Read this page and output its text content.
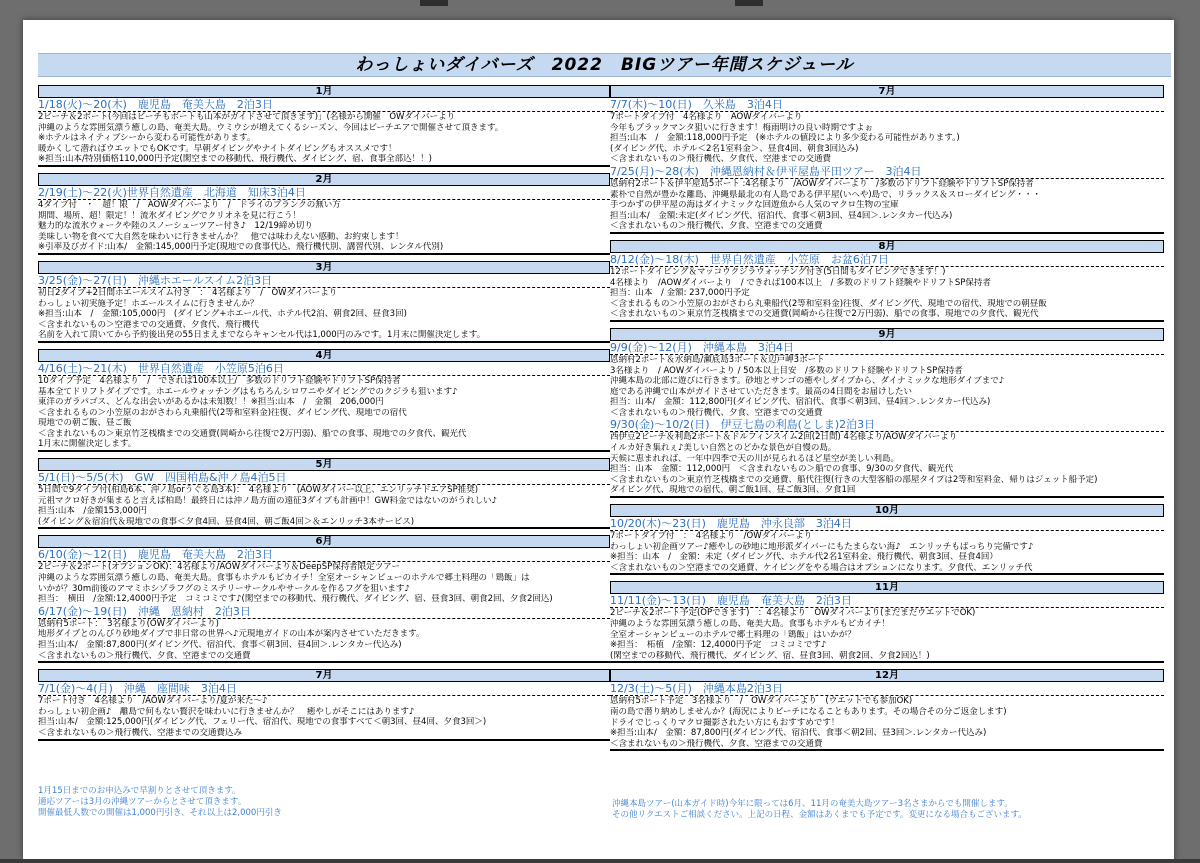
わっしょいダイバーズ　2022　BIGツアー年間スケジュール
1月
1/18(火)～20(木)　鹿児島　奄美大島　2泊3日
2ビーチ＆2ボート(今回はビーチもボートも山本がガイドさせて頂きます)」(名様から開催　OWダイバーより
沖縄のような雰囲気漂う癒しの島、奄美大島。ウミウシが増えてくるシーズン、今回はビーチエアで開催させて頂きます。
※ホテルはネイティブシーから変わる可能性があります。
暖かくして潜ればウエットでもOKです。早朝ダイビングやナイトダイビングもオススメです！
※担当:山本/特別価格110,000円予定(閑空までの移動代、飛行機代、ダイビング、宿、食事全部込！！)
2月
2/19(土)～22(火)世界自然遺産　北海道　知床3泊4日
4ダイブ付　・　超！限　/　AOWダイバーより　/　ドライのブランクの無い方
期間、場所、超！限定！！流氷ダイビングでクリオネを見に行こう！
魅力的な流氷ウォークや陸のスノーシューツアー付き♪　12/19締め切り
美味しい物を食べて大自然を味わいに行きませんか？　他では味わえない感動、お約束します！
※引率及びガイド:山本/　金額:145,000円予定(現地での食事代込、飛行機代別、講習代別、レンタル代別)
3月
3/25(金)～27(日)　沖縄ホエールスイム2泊3日
初日2ダイブ+2日間ホエールスイム付き　：　4名様より　/　OWダイバーより
わっしょい初実施予定！ホエールスイムに行きませんか？
※担当:山本　/　金額:105,000円　(ダイビング+ホエール代、ホテル代2泊、朝食2回、昼食3回)
＜含まれないもの＞空港までの交通費、夕食代、飛行機代
名前を入れて頂いてから予約後出発の55日まえまでならキャンセル代は1,000円のみです。1月末に開催決定します。
4月
4/16(土)～21(木)　世界自然遺産　小笠原5泊6日
10ダイブ予定　4名様より　/　できれば100本以上/　多数のドリフト経験やドリフトSP保持者
基本全てドリフトダイブです。ホエールウォッチングはもちろんシロワニやダイビングでのクジラも狙います♪
東洋のガラパゴス、どんな出会いがあるかは未知数！！※担当:山本　/　金額　206,000円
＜含まれるもの＞小笠原のおがさわら丸乗船代(2等和室料金)往復、ダイビング代、現地での宿代
現地での朝ご飯、昼ご飯
＜含まれないもの＞東京竹芝桟橋までの交通費(岡崎から往復で2万円弱)、船での食事、現地での夕食代、観光代
1月末に開催決定します。
5月
5/1(日)～5/5(木)　GW　四国柏島&沖ノ島4泊5日
5日間で9ダイブ付(柏島6本、沖ノ島orうぐる島3本)：　4名様より　(AOWダイバー以上、エンリッチドエアSP推奨)
元祖マクロ好きが集まると言えば柏島！最終日には沖ノ島方面の遠征3ダイブも計画中！GW料金ではないのがうれしい♪
担当:山本　/金額153,000円
(ダイビング＆宿泊代＆現地での食事＜夕食4回、昼食4回、朝ご飯4回＞＆エンリッチ3本サービス)
6月
6/10(金)～12(日)　鹿児島　奄美大島　2泊3日
2ビーチ＆2ボート(オプションOK)：4名様より/AOWダイバーより＆DeepSP保持者限定ツアー
沖縄のような雰囲気漂う癒しの島、奄美大島。食事もホテルもピカイチ！全室オーシャンビューのホテルで郷土料理の「鶏飯」は
いかが？30m前後のアマミホシゾラフグのミステリーサークルやサークルを作るフグを狙います♪
担当：　横田　/金額:12,4000円予定　コミコミです♪(閑空までの移動代、飛行機代、ダイビング、宿、昼食3回、朝食2回、夕食2回込)
6/17(金)～19(日)　沖縄　恩納村　2泊3日
恩納村5ボート：　3名様より(OWダイバーより)
地形ダイブとのんびり砂地ダイブで非日常の世界へ♪元現地ガイドの山本が案内させていただきます。
担当:山本/　金額:87,800円(ダイビング代、宿泊代、食事＜朝3回、昼4回＞.レンタカー代込み)
＜含まれないもの＞飛行機代、夕食、空港までの交通費
7月
7/1(金)～4(月)　沖縄　座間味　3泊4日
7ボート付き　4名様より　/AOWダイバーより/夏が来た～♪
わっしょい初企画♪　離島で何もない贅沢を味わいに行きませんか？　癒やしがそこにはあります♪
担当:山本/　金額:125,000円(ダイビング代、フェリー代、宿泊代、現地での食事すべて＜朝3回、昼4回、夕食3回＞)
＜含まれないもの＞飛行機代、空港までの交通費込み
7月
7/7(木)～10(日)　久米島　3泊4日
7ボートダイブ付　4名様より　AOWダイバーより
今年もブラックマンタ狙いに行きます！梅雨明けの良い時期ですよぉ
担当:山本　/　金額:118,000円予定　(※ホテルの値段により多少変わる可能性があります。)
(ダイビング代、ホテル＜2名1室料金＞、昼食4回、朝食3回込み)
＜含まれないもの＞飛行機代、夕食代、空港までの交通費
7/25(月)～28(木)　沖縄恩納村＆伊平屋島平田ツアー　3泊4日
恩納村2ボート＆伊平屋島5ボート :4名様より　/AOWダイバーより　/多数のドリフト経験やドリフトSP保持者
素朴で自然が豊かな離島、沖縄県最北の有人島である伊平屋(いへや)島で、リラックス＆スローダイビング・・・
手つかずの伊平屋の海はダイナミックな回遊魚から人気のマクロ生物の宝庫
担当:山本/　金額:未定(ダイビング代、宿泊代、食事＜朝3回、昼4回＞.レンタカー代込み)
＜含まれないもの＞飛行機代、夕食、空港までの交通費
8月
8/12(金)～18(木)　世界自然遺産　小笠原　お盆6泊7日
12ボートダイビング＆マッコウクジラウォッチング付き(5日間もダイビングできます！)
4名様より　/AOWダイバーより　/ できれば100本以上　/ 多数のドリフト経験やドリフトSP保持者
担当：山本　/ 金額: 237,000円予定
＜含まれるもの＞小笠原のおがさわら丸乗船代(2等和室料金)往復、ダイビング代、現地での宿代、現地での朝昼飯
＜含まれないもの＞東京竹芝桟橋までの交通費(岡崎から往復で2万円弱)、船での食事、現地での夕食代、観光代
9月
9/9(金)～12(月)　沖縄本島　3泊4日
恩納村2ボート＆水納島/瀬底島3ボート＆辺戸岬3ボート
3名様より　/ AOWダイバーより / 50本以上目安　/多数のドリフト経験やドリフトSP保持者
沖縄本島の北部に遊びに行きます。砂地とサンゴの癒やしダイブから、ダイナミックな地形ダイブまで♪
庭である沖縄で山本がガイドさせていただきます。最高の4日間をお届けしたい
担当：山本/　金額：112,800円(ダイビング代、宿泊代、食事＜朝3回、昼4回＞.レンタカー代込み)
＜含まれないもの＞飛行機代、夕食、空港までの交通費
9/30(金)～10/2(日)　伊豆七島の利島(としま)2泊3日
西伊豆2ビーチ＆利島2ボート＆ドルフィンスイム2回(2日間) 4名様より/AOWダイバーより
イルカ好き集れぇ♪美しい自然とのどかな景色が自慢の島。
天候に恵まれれば、一年中四季で天の川が見られるほど星空が美しい利島。
担当：山本　金額：112,000円　＜含まれないもの＞船での食事、9/30の夕食代、観光代
＜含まれないもの＞東京竹芝桟橋までの交通費、船代往復(行きの大型客船の部屋タイプは2等和室料金、帰りはジェット船予定)
ダイビング代、現地での宿代、朝ご飯1回、昼ご飯3回、夕食1回
10月
10/20(木)～23(日)　鹿児島　沖永良部　3泊4日
7ボートダイブ付　：　4名様より　/OWダイバーより
わっしょい初企画ツアー♪癒やしの砂地に地形派ダイバーにもたまらない海♪　エンリッチもばっちり完備です♪
※担当：山本　/　金額：未定（ダイビング代、ホテル代2名1室料金、飛行機代、朝食3回、昼食4回）
＜含まれないもの＞空港までの交通費、ケイビングをやる場合はオプションになります。夕食代、エンリッチ代
11月
11/11(金)～13(日)　鹿児島　奄美大島　2泊3日
2ビーチ＆2ボート予定(OPできます)　：4名様より　OWダイバーより(まだまだウエットでOK)
沖縄のような雰囲気漂う癒しの島、奄美大島。食事もホテルもピカイチ！
全室オーシャンビューのホテルで郷土料理の「鶏飯」はいかが？
※担当：　柘植　/金額：12,4000円予定　コミコミです♪
(閑空までの移動代、飛行機代、ダイビング、宿、昼食3回、朝食2回、夕食2回込！)
12月
12/3(土)～5(月)　沖縄本島2泊3日
恩納村5ボート予定　3名様より　/　OWダイバーより　(ウエットでも参加OK)
南の島で潜り納めしませんか？(海況によりビーチになることもあります。その場合その分ご返金します)
ドライでじっくりマクロ撮影されたい方にもおすすめです！
※担当:山本/　金額：87,800円(ダイビング代、宿泊代、食事＜朝2回、昼3回＞.レンタカー代込み)
＜含まれないもの＞飛行機代、夕食、空港までの交通費
1月15日までのお申込みで早割りとさせて頂きます。
適応ツアーは3月の沖縄ツアーからとさせて頂きます。
開催最低人数での開催は1,000円引き、それ以上は2,000円引き
沖縄本島ツアー(山本ガイド時)今年に限っては6月、11月の奄美大島ツアー3名さまからでも開催します。
その他リクエストご相談ください。上記の日程、金額はあくまでも予定です。変更になる場合もございます。
